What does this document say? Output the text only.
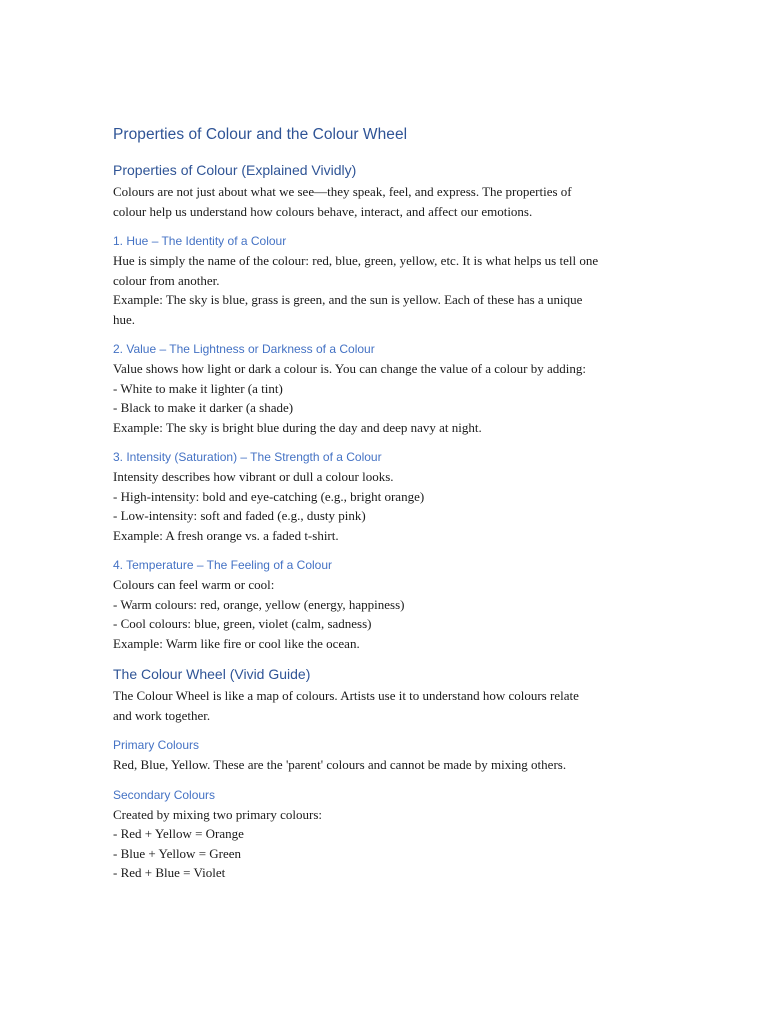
Properties of Colour and the Colour Wheel
Properties of Colour (Explained Vividly)
Colours are not just about what we see—they speak, feel, and express. The properties of
colour help us understand how colours behave, interact, and affect our emotions.
1. Hue – The Identity of a Colour
Hue is simply the name of the colour: red, blue, green, yellow, etc. It is what helps us tell one
colour from another.
Example: The sky is blue, grass is green, and the sun is yellow. Each of these has a unique
hue.
2. Value – The Lightness or Darkness of a Colour
Value shows how light or dark a colour is. You can change the value of a colour by adding:
- White to make it lighter (a tint)
- Black to make it darker (a shade)
Example: The sky is bright blue during the day and deep navy at night.
3. Intensity (Saturation) – The Strength of a Colour
Intensity describes how vibrant or dull a colour looks.
- High-intensity: bold and eye-catching (e.g., bright orange)
- Low-intensity: soft and faded (e.g., dusty pink)
Example: A fresh orange vs. a faded t-shirt.
4. Temperature – The Feeling of a Colour
Colours can feel warm or cool:
- Warm colours: red, orange, yellow (energy, happiness)
- Cool colours: blue, green, violet (calm, sadness)
Example: Warm like fire or cool like the ocean.
The Colour Wheel (Vivid Guide)
The Colour Wheel is like a map of colours. Artists use it to understand how colours relate
and work together.
Primary Colours
Red, Blue, Yellow. These are the 'parent' colours and cannot be made by mixing others.
Secondary Colours
Created by mixing two primary colours:
- Red + Yellow = Orange
- Blue + Yellow = Green
- Red + Blue = Violet
